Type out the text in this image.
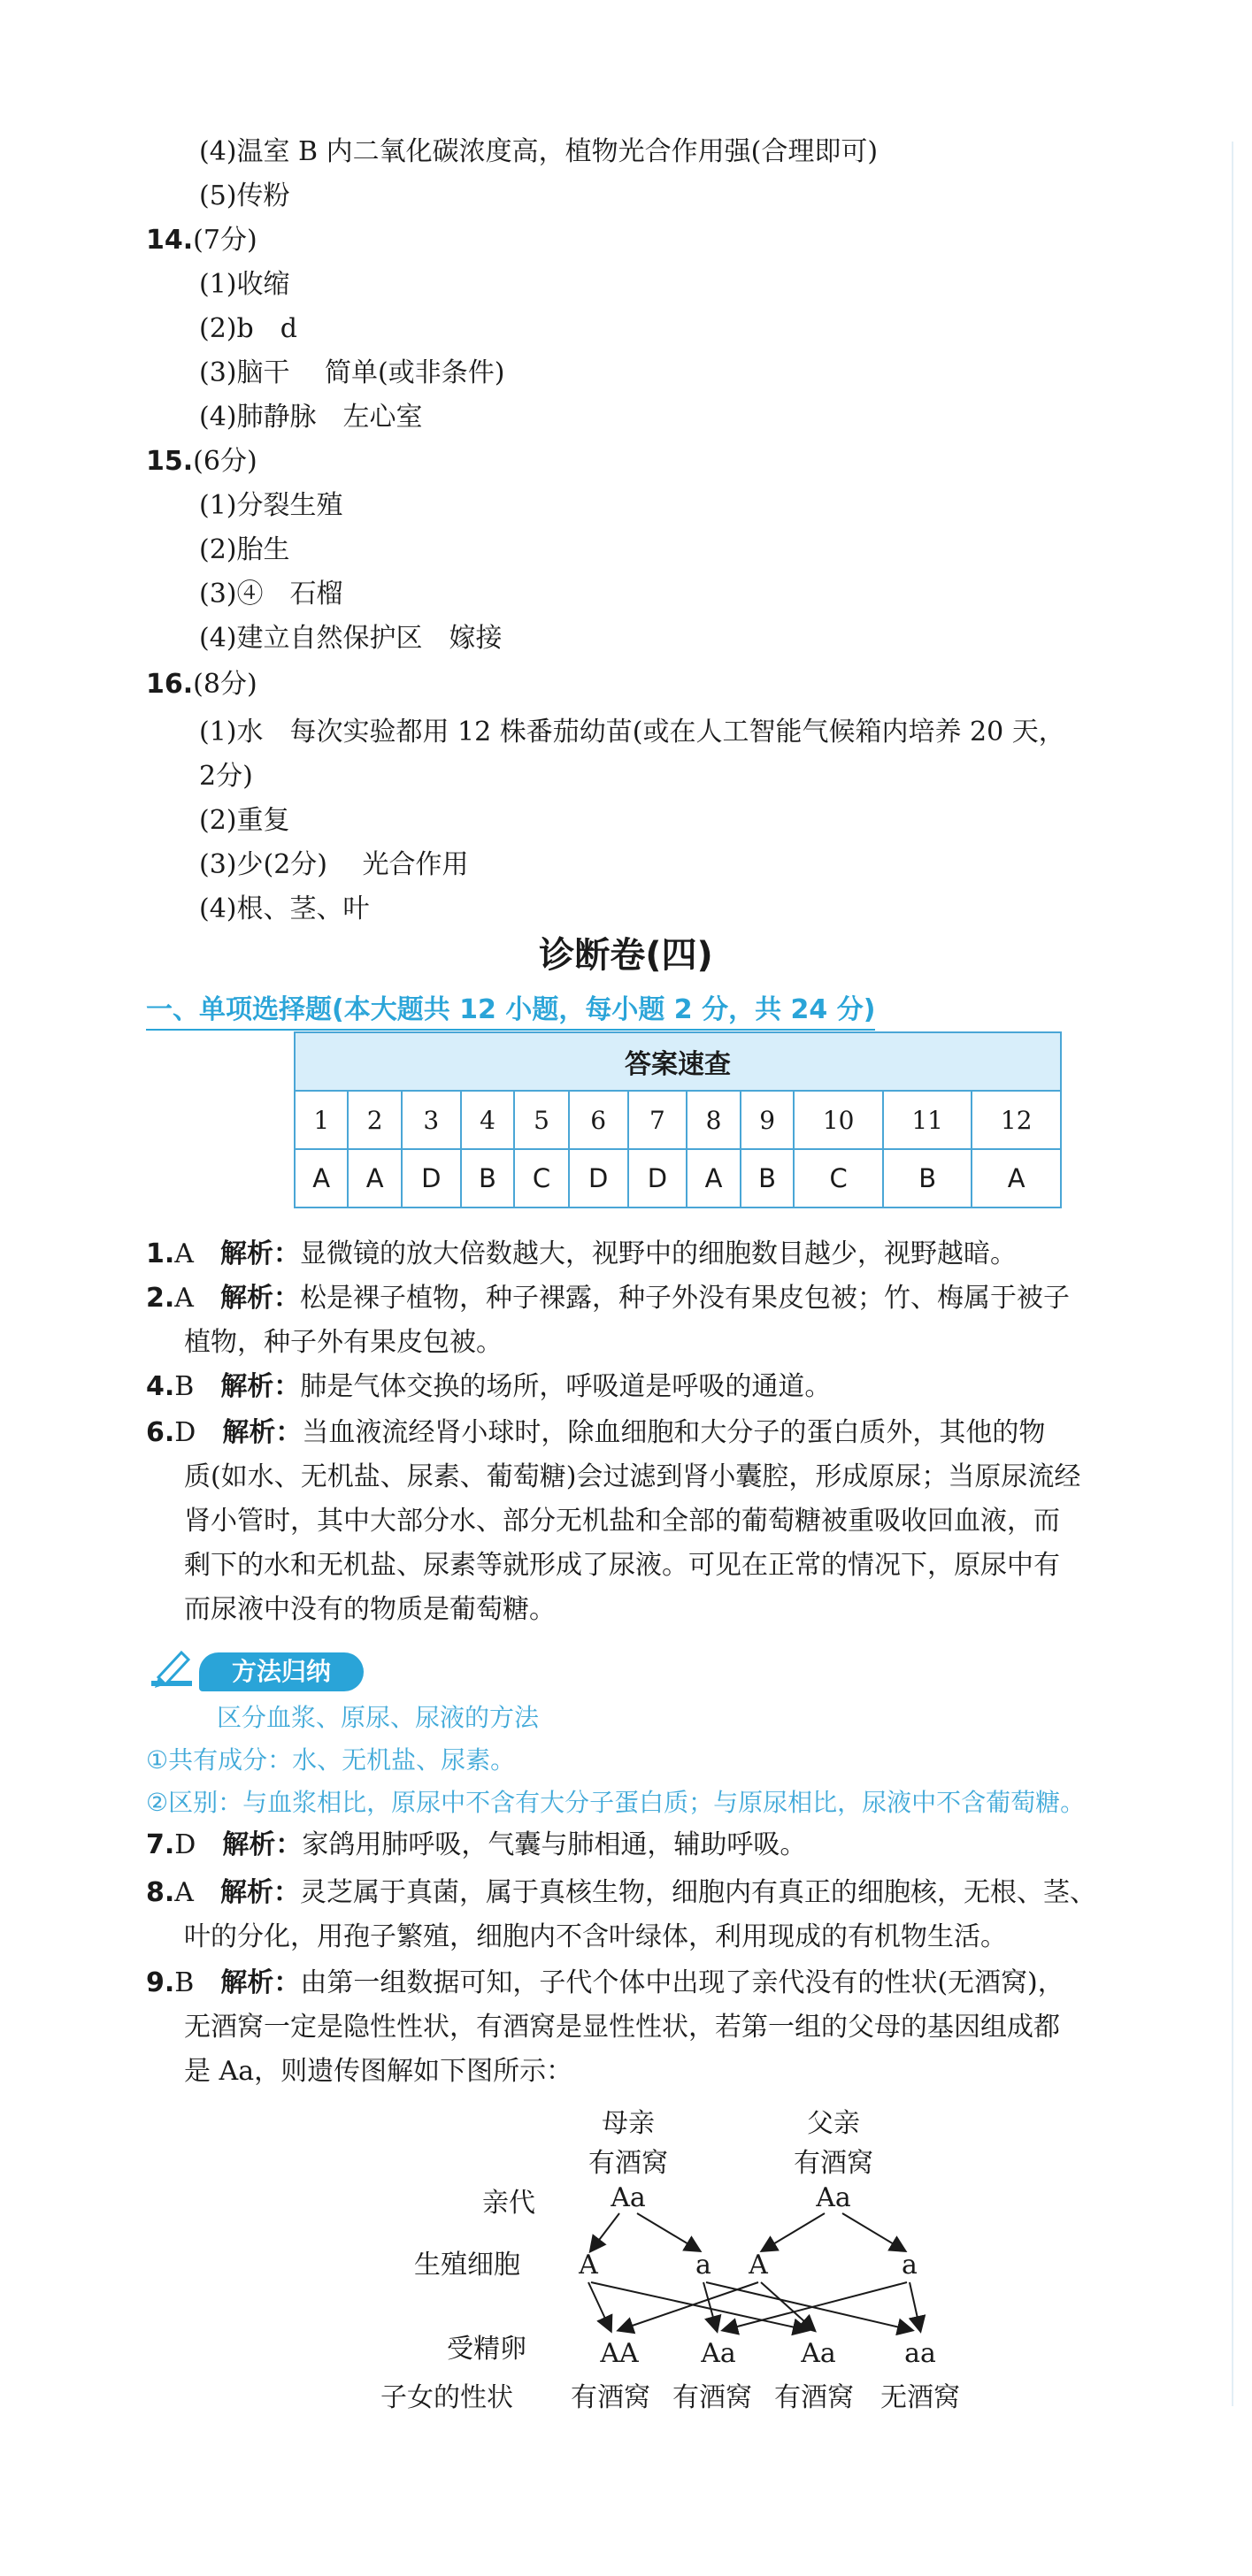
(4)温室 B 内二氧化碳浓度高，植物光合作用强(合理即可)
(5)传粉
14.(7分)
(1)收缩
(2)b　d
(3)脑干　 简单(或非条件)
(4)肺静脉　左心室
15.(6分)
(1)分裂生殖
(2)胎生
(3)④　石榴
(4)建立自然保护区　嫁接
16.(8分)
(1)水　每次实验都用 12 株番茄幼苗(或在人工智能气候箱内培养 20 天，
2分)
(2)重复
(3)少(2分)　 光合作用
(4)根、茎、叶
诊断卷(四)
一、单项选择题(本大题共 12 小题，每小题 2 分，共 24 分)
答案速查											
1	2	3	4	5	6	7	8	9	10	11	12
A	A	D	B	C	D	D	A	B	C	B	A
1.A　 解析：显微镜的放大倍数越大，视野中的细胞数目越少，视野越暗。
2.A　 解析：松是裸子植物，种子裸露，种子外没有果皮包被；竹、梅属于被子
植物，种子外有果皮包被。
4.B　 解析：肺是气体交换的场所，呼吸道是呼吸的通道。
6.D　 解析：当血液流经肾小球时，除血细胞和大分子的蛋白质外，其他的物
质(如水、无机盐、尿素、葡萄糖)会过滤到肾小囊腔，形成原尿；当原尿流经
肾小管时，其中大部分水、部分无机盐和全部的葡萄糖被重吸收回血液，而
剩下的水和无机盐、尿素等就形成了尿液。可见在正常的情况下，原尿中有
而尿液中没有的物质是葡萄糖。
方法归纳
区分血浆、原尿、尿液的方法
①共有成分：水、无机盐、尿素。
②区别：与血浆相比，原尿中不含有大分子蛋白质；与原尿相比，尿液中不含葡萄糖。
7.D　 解析：家鸽用肺呼吸，气囊与肺相通，辅助呼吸。
8.A　 解析：灵芝属于真菌，属于真核生物，细胞内有真正的细胞核，无根、茎、
叶的分化，用孢子繁殖，细胞内不含叶绿体，利用现成的有机物生活。
9.B　 解析：由第一组数据可知，子代个体中出现了亲代没有的性状(无酒窝)，
无酒窝一定是隐性性状，有酒窝是显性性状，若第一组的父母的基因组成都
是 Aa，则遗传图解如下图所示：
母亲	父亲
有酒窝	有酒窝
亲代	Aa	Aa
生殖细胞 A	a A	a
受精卵	AA Aa Aa	aa
子女的性状 有酒窝 有酒窝 有酒窝 无酒窝
